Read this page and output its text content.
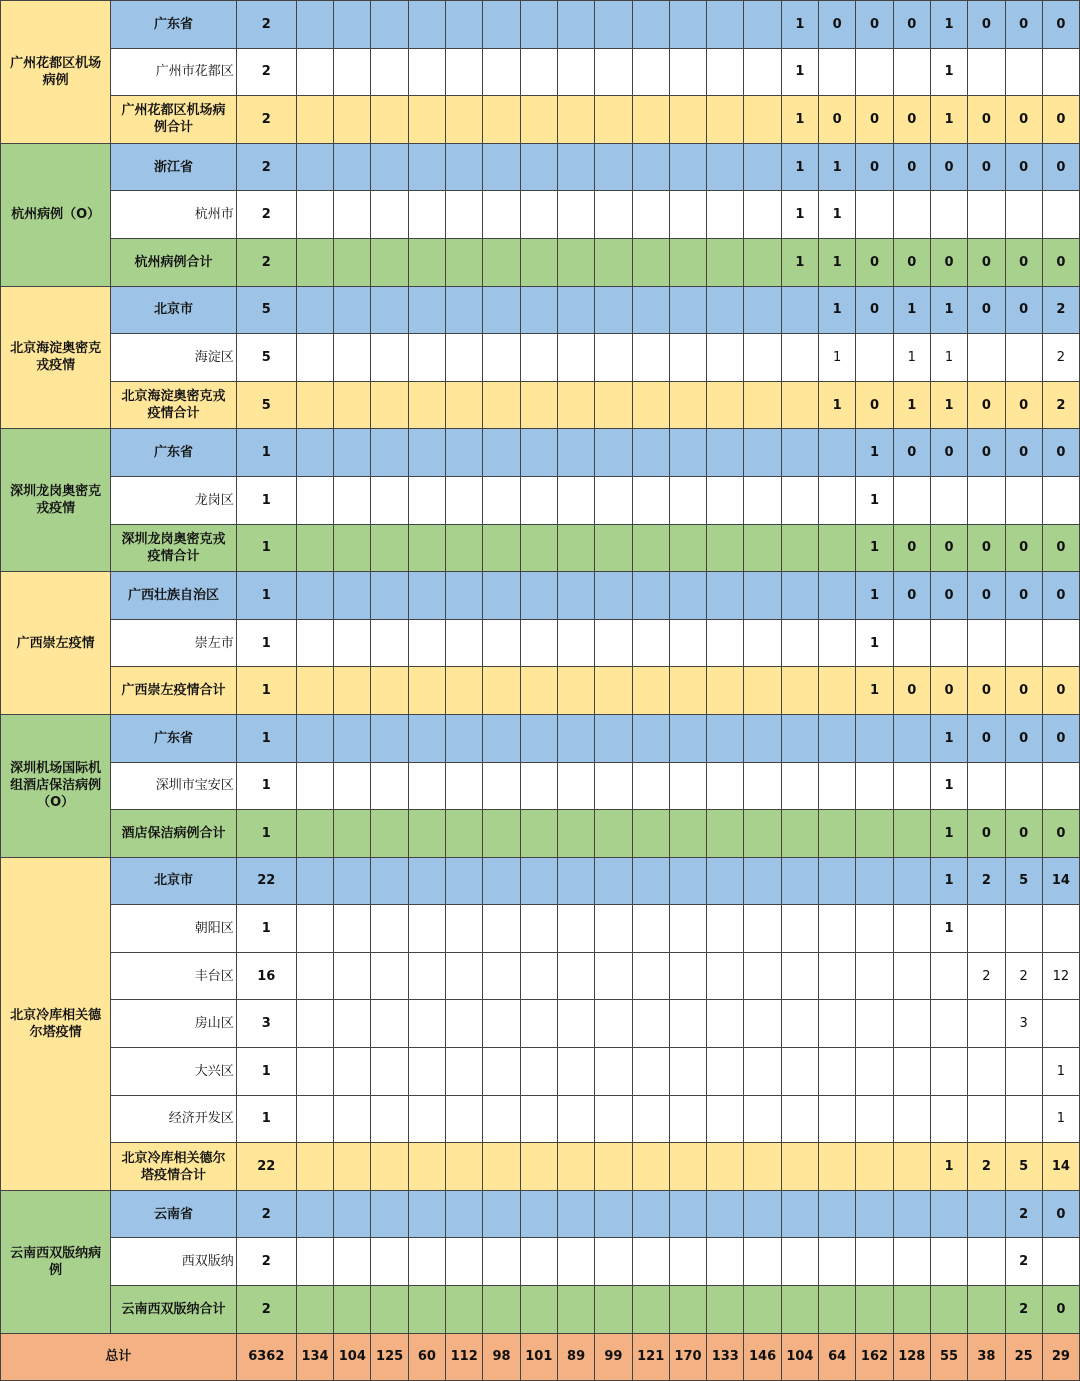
广州花都区机场病例	广东省	2														1	0	0	0	1	0	0	0
	广州市花都区	2														1				1			
	广州花都区机场病例合计	2														1	0	0	0	1	0	0	0
杭州病例（O）	浙江省	2														1	1	0	0	0	0	0	0
	杭州市	2														1	1						
	杭州病例合计	2														1	1	0	0	0	0	0	0
北京海淀奥密克戎疫情	北京市	5															1	0	1	1	0	0	2
	海淀区	5															1		1	1			2
	北京海淀奥密克戎疫情合计	5															1	0	1	1	0	0	2
深圳龙岗奥密克戎疫情	广东省	1																1	0	0	0	0	0
	龙岗区	1																1					
	深圳龙岗奥密克戎疫情合计	1																1	0	0	0	0	0
广西崇左疫情	广西壮族自治区	1																1	0	0	0	0	0
	崇左市	1																1					
	广西崇左疫情合计	1																1	0	0	0	0	0
深圳机场国际机组酒店保洁病例（O）	广东省	1																		1	0	0	0
	深圳市宝安区	1																		1			
	酒店保洁病例合计	1																		1	0	0	0
北京冷库相关德尔塔疫情	北京市	22																		1	2	5	14
	朝阳区	1																		1			
	丰台区	16																			2	2	12
	房山区	3																				3	
	大兴区	1																					1
	经济开发区	1																					1
	北京冷库相关德尔塔疫情合计	22																		1	2	5	14
云南西双版纳病例	云南省	2																				2	0
	西双版纳	2																				2	
	云南西双版纳合计	2																				2	0
总计		6362	134	104	125	60	112	98	101	89	99	121	170	133	146	104	64	162	128	55	38	25	29
